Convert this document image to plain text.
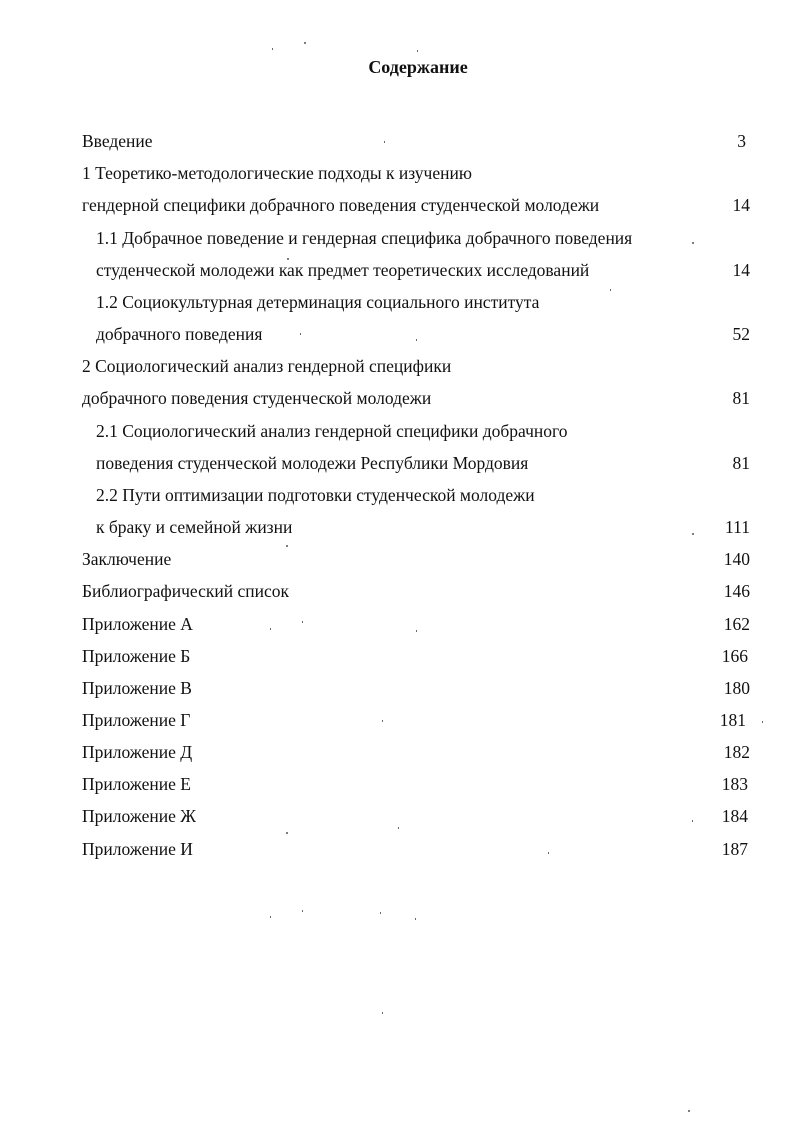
Содержание
Введение	3
1 Теоретико-методологические подходы к изучению
гендерной специфики добрачного поведения студенческой молодежи	14
1.1 Добрачное поведение и гендерная специфика добрачного поведения
студенческой молодежи как предмет теоретических исследований	14
1.2 Социокультурная детерминация социального института
добрачного поведения	52
2 Социологический анализ гендерной специфики
добрачного поведения студенческой молодежи	81
2.1 Социологический анализ гендерной специфики добрачного
поведения студенческой молодежи Республики Мордовия	81
2.2 Пути оптимизации подготовки студенческой молодежи
к браку и семейной жизни	111
Заключение	140
Библиографический список	146
Приложение А	162
Приложение Б	166
Приложение В	180
Приложение Г	181
Приложение Д	182
Приложение Е	183
Приложение Ж	184
Приложение И	187
